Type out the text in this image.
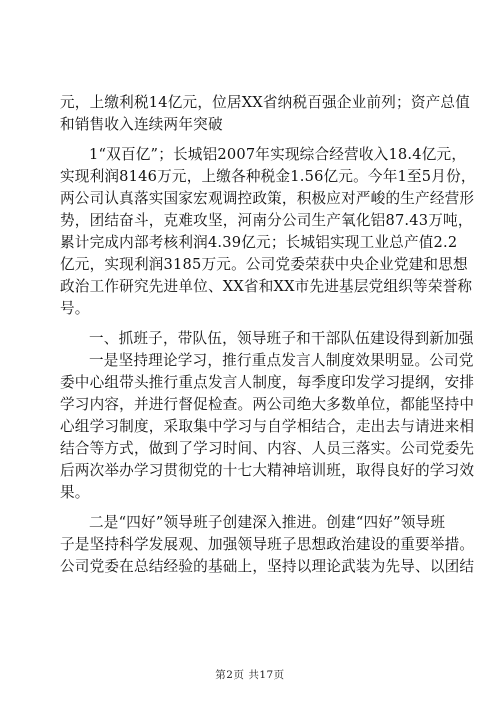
元，上缴利税14亿元，位居XX省纳税百强企业前列；资产总值
和销售收入连续两年突破
1“双百亿”；长城铝2007年实现综合经营收入18.4亿元，
实现利润8146万元，上缴各种税金1.56亿元。今年1至5月份，
两公司认真落实国家宏观调控政策，积极应对严峻的生产经营形
势，团结奋斗，克难攻坚，河南分公司生产氧化铝87.43万吨，
累计完成内部考核利润4.39亿元；长城铝实现工业总产值2.2
亿元，实现利润3185万元。公司党委荣获中央企业党建和思想
政治工作研究先进单位、XX省和XX市先进基层党组织等荣誉称
号。
一、抓班子，带队伍，领导班子和干部队伍建设得到新加强
一是坚持理论学习，推行重点发言人制度效果明显。公司党
委中心组带头推行重点发言人制度，每季度印发学习提纲，安排
学习内容，并进行督促检查。两公司绝大多数单位，都能坚持中
心组学习制度，采取集中学习与自学相结合，走出去与请进来相
结合等方式，做到了学习时间、内容、人员三落实。公司党委先
后两次举办学习贯彻党的十七大精神培训班，取得良好的学习效
果。
二是“四好”领导班子创建深入推进。创建“四好”领导班
子是坚持科学发展观、加强领导班子思想政治建设的重要举措。
公司党委在总结经验的基础上，坚持以理论武装为先导、以团结
第2页 共17页
